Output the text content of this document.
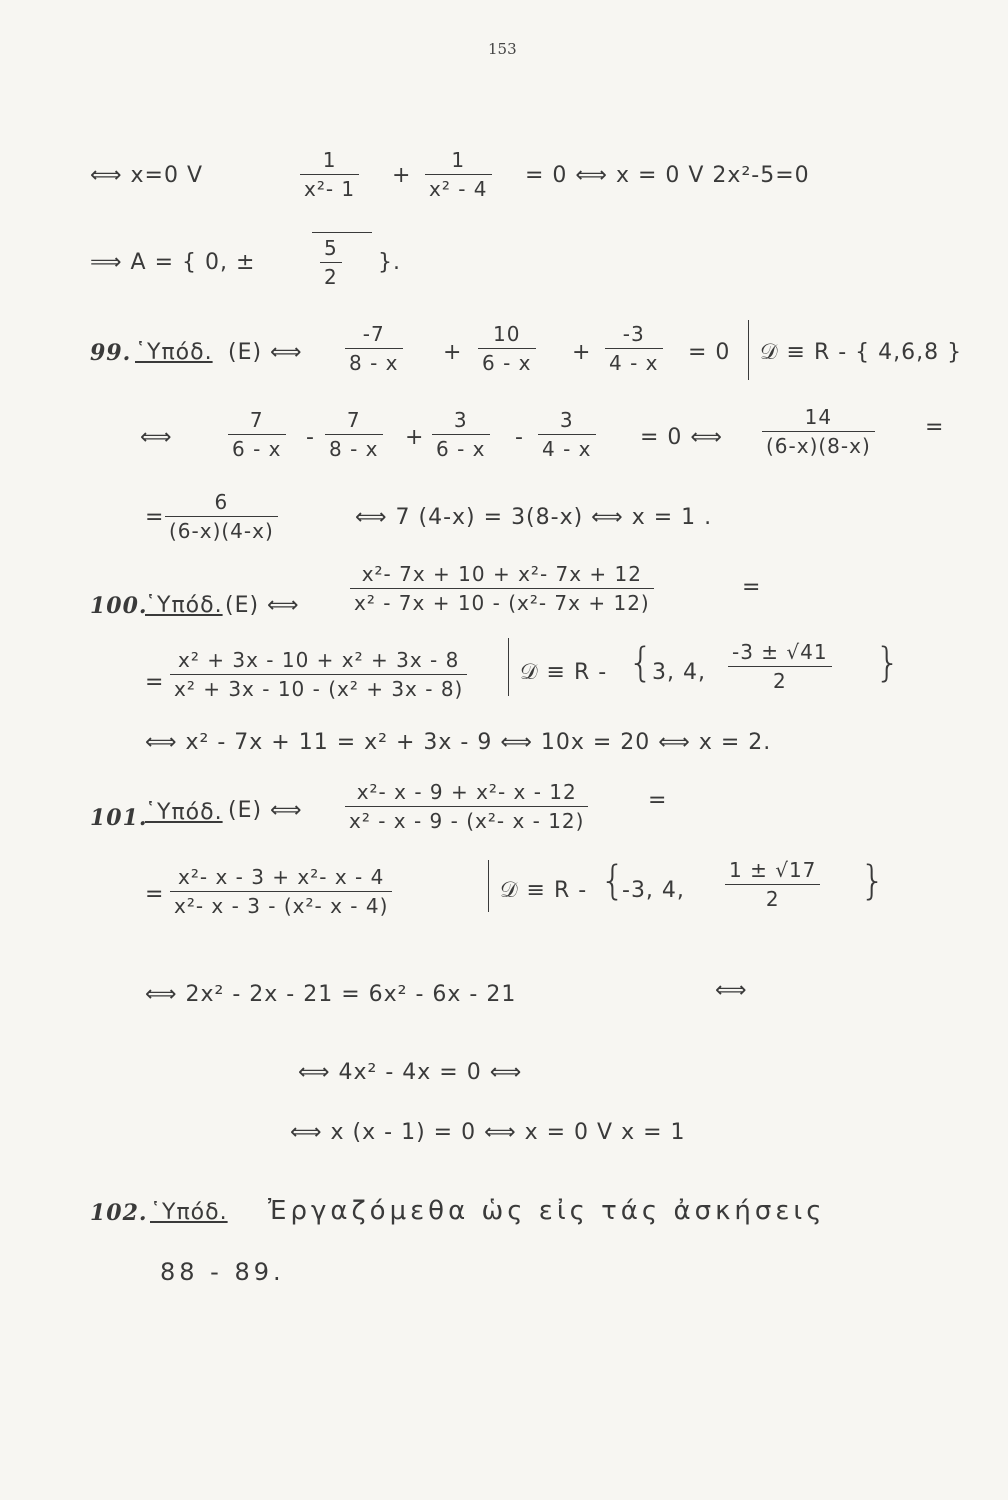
153
⟺ x=0 V
1
x²- 1
+
1
x² - 4
= 0 ⟺ x = 0 V 2x²-5=0
⟹ A = { 0, ±
5
2
}.
99. ῾Υπόδ. (E) ⟺
-7
8 - x +
10
6 - x +
-3
4 - x = 0 𝒟 ≡ R - { 4,6,8 }
⟺
7
6 - x -
7
8 - x +
3
6 - x -
3
4 - x = 0 ⟺
14
(6-x)(8-x)
=
=
6
(6-x)(4-x)
⟺ 7 (4-x) = 3(8-x) ⟺ x = 1 .
100.
῾Υπόδ. (E) ⟺
x²- 7x + 10 + x²- 7x + 12
x² - 7x + 10 - (x²- 7x + 12)
=
=
x² + 3x - 10 + x² + 3x - 8
x² + 3x - 10 - (x² + 3x - 8)
𝒟 ≡ R - {
3, 4,
-3 ± √41
2 }
⟺ x² - 7x + 11 = x² + 3x - 9 ⟺ 10x = 20 ⟺ x = 2.
101.
῾Υπόδ. (E) ⟺
x²- x - 9 + x²- x - 12
x² - x - 9 - (x²- x - 12)
=
=
x²- x - 3 + x²- x - 4
x²- x - 3 - (x²- x - 4)
𝒟 ≡ R - {
-3, 4,
1 ± √17
2 }
⟺ 2x² - 2x - 21 = 6x² - 6x - 21	⟺
⟺ 4x² - 4x = 0 ⟺
⟺ x (x - 1) = 0 ⟺ x = 0 V x = 1
102. ῾Υπόδ. Ἐργαζόμεθα ὡς εἰς τάς ἀσκήσεις
88 - 89.
